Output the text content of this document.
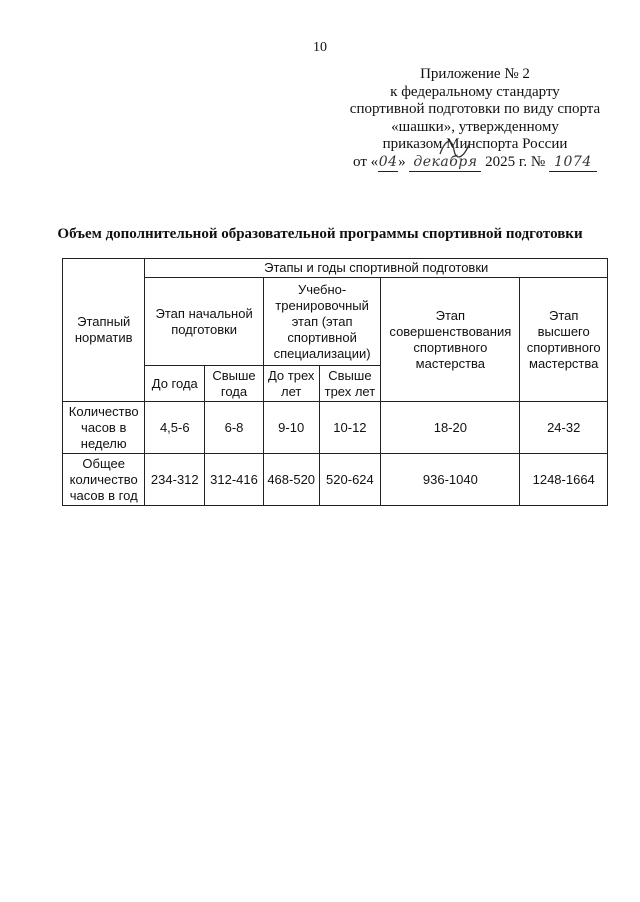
10
Приложение № 2
к федеральному стандарту
спортивной подготовки по виду спорта
«шашки», утвержденному
приказом Минспорта России
от «04» декабря 2025 г. № 1074
Объем дополнительной образовательной программы спортивной подготовки
Этапный норматив	Этапы и годы спортивной подготовки					
	Этап начальной подготовки		Учебно-тренировочный этап (этап спортивной специализации)		Этап совершенствования спортивного мастерства	Этап высшего спортивного мастерства
	До года	Свыше года	До трех лет	Свыше трех лет		
Количество часов в неделю	4,5-6	6-8	9-10	10-12	18-20	24-32
Общее количество часов в год	234-312	312-416	468-520	520-624	936-1040	1248-1664
